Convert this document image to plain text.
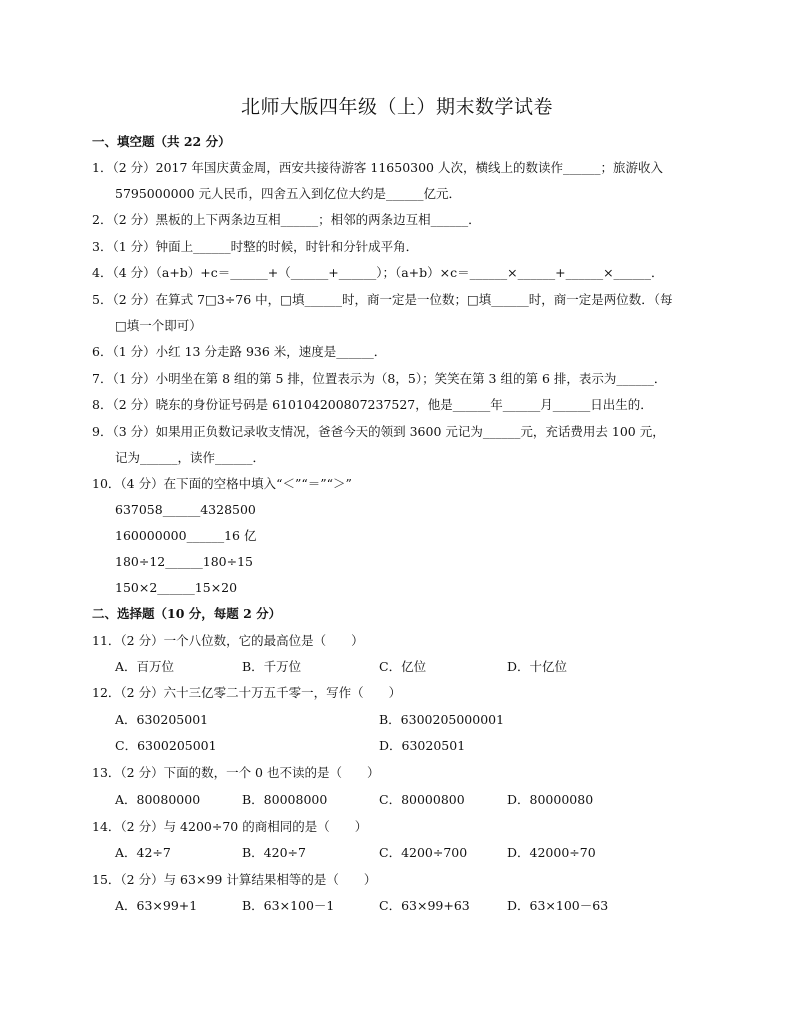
北师大版四年级（上）期末数学试卷
一、填空题（共 22 分）
1．（2 分）2017 年国庆黄金周，西安共接待游客 11650300 人次，横线上的数读作______；旅游收入
5795000000 元人民币，四舍五入到亿位大约是______亿元．
2．（2 分）黑板的上下两条边互相______；相邻的两条边互相______．
3．（1 分）钟面上______时整的时候，时针和分针成平角．
4．（4 分）（a+b）+c＝______+（______+______）；（a+b）×c＝______×______+______×______．
5．（2 分）在算式 7□3÷76 中，□填______时，商一定是一位数；□填______时，商一定是两位数．（每
□填一个即可）
6．（1 分）小红 13 分走路 936 米，速度是______．
7．（1 分）小明坐在第 8 组的第 5 排，位置表示为（8，5）；笑笑在第 3 组的第 6 排，表示为______．
8．（2 分）晓东的身份证号码是 610104200807237527，他是______年______月______日出生的．
9．（3 分）如果用正负数记录收支情况，爸爸今天的领到 3600 元记为______元，充话费用去 100 元，
记为______，读作______．
10．（4 分）在下面的空格中填入“＜”“＝”“＞”
637058______4328500
160000000______16 亿
180÷12______180÷15
150×2______15×20
二、选择题（10 分，每题 2 分）
11．（2 分）一个八位数，它的最高位是（　　）
A．百万位	B．千万位	C．亿位	D．十亿位
12．（2 分）六十三亿零二十万五千零一，写作（　　）
A．630205001	B．6300205000001
C．6300205001	D．63020501
13．（2 分）下面的数，一个 0 也不读的是（　　）
A．80080000	B．80008000	C．80000800	D．80000080
14．（2 分）与 4200÷70 的商相同的是（　　）
A．42÷7	B．420÷7	C．4200÷700	D．42000÷70
15．（2 分）与 63×99 计算结果相等的是（　　）
A．63×99+1	B．63×100－1	C．63×99+63	D．63×100－63
